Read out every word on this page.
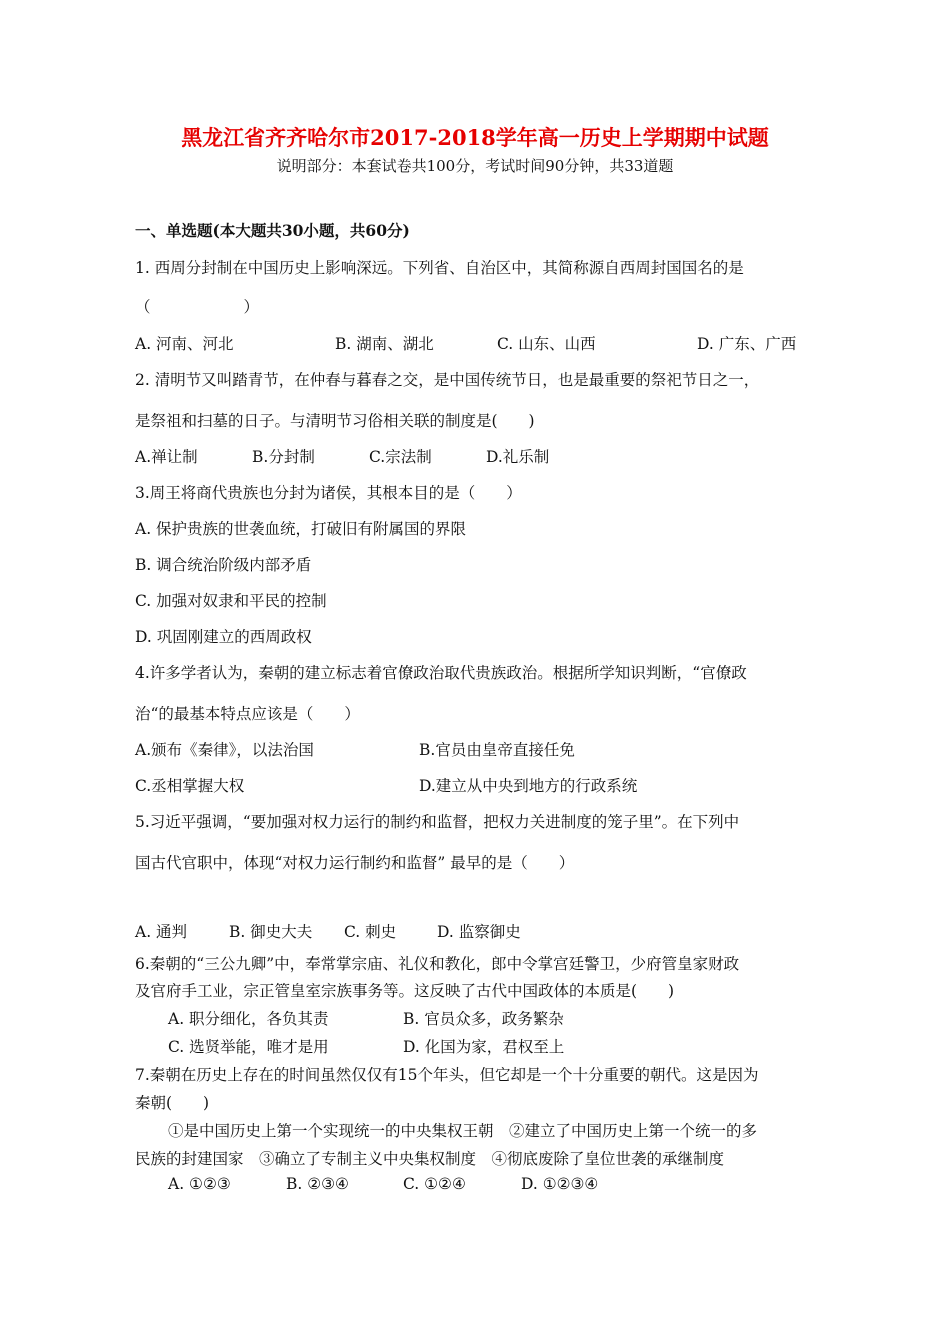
黑龙江省齐齐哈尔市2017-2018学年高一历史上学期期中试题
说明部分：本套试卷共100分，考试时间90分钟，共33道题
一、单选题(本大题共30小题，共60分)
1. 西周分封制在中国历史上影响深远。下列省、自治区中，其简称源自西周封国国名的是
（　　　　　　）
A. 河南、河北	B. 湖南、湖北	C. 山东、山西	D. 广东、广西
2. 清明节又叫踏青节，在仲春与暮春之交，是中国传统节日，也是最重要的祭祀节日之一，
是祭祖和扫墓的日子。与清明节习俗相关联的制度是(　　)
A.禅让制	B.分封制	C.宗法制	D.礼乐制
3.周王将商代贵族也分封为诸侯，其根本目的是（　　）
A. 保护贵族的世袭血统，打破旧有附属国的界限
B. 调合统治阶级内部矛盾
C. 加强对奴隶和平民的控制
D. 巩固刚建立的西周政权
4.许多学者认为，秦朝的建立标志着官僚政治取代贵族政治。根据所学知识判断，“官僚政
治“的最基本特点应该是（　　）
A.颁布《秦律》，以法治国	B.官员由皇帝直接任免
C.丞相掌握大权	D.建立从中央到地方的行政系统
5.习近平强调，“要加强对权力运行的制约和监督，把权力关进制度的笼子里”。在下列中
国古代官职中，体现“对权力运行制约和监督” 最早的是（　　）
A. 通判	B. 御史大夫 C. 刺史	D. 监察御史
6.秦朝的“三公九卿”中，奉常掌宗庙、礼仪和教化，郎中令掌宫廷警卫，少府管皇家财政
及官府手工业，宗正管皇室宗族事务等。这反映了古代中国政体的本质是(　　)
A. 职分细化，各负其责	B. 官员众多，政务繁杂
C. 选贤举能，唯才是用	D. 化国为家，君权至上
7.秦朝在历史上存在的时间虽然仅仅有15个年头，但它却是一个十分重要的朝代。这是因为
秦朝(　　)
①是中国历史上第一个实现统一的中央集权王朝　②建立了中国历史上第一个统一的多
民族的封建国家　③确立了专制主义中央集权制度　④彻底废除了皇位世袭的承继制度
A. ①②③	B. ②③④	C. ①②④	D. ①②③④
